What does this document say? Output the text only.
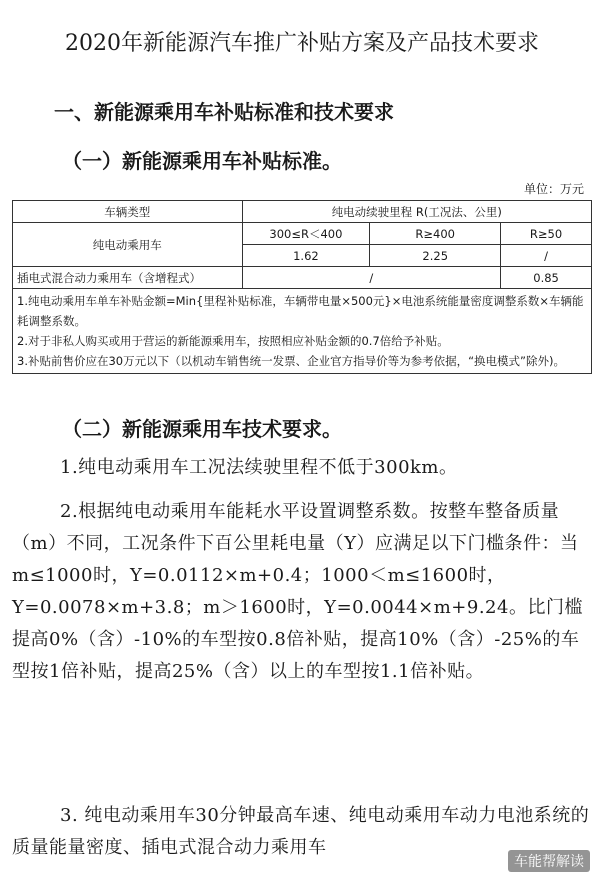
2020年新能源汽车推广补贴方案及产品技术要求
一、新能源乘用车补贴标准和技术要求
（一）新能源乘用车补贴标准。
单位：万元
车辆类型	纯电动续驶里程 R(工况法、公里)		
纯电动乘用车	300≤R＜400	R≥400	R≥50
	1.62	2.25	/
插电式混合动力乘用车（含增程式）	/		0.85

1.纯电动乘用车单车补贴金额=Min{里程补贴标准，车辆带电量×500元}×电池系统能量密度调整系数×车辆能耗调整系数。
2.对于非私人购买或用于营运的新能源乘用车，按照相应补贴金额的0.7倍给予补贴。
3.补贴前售价应在30万元以下（以机动车销售统一发票、企业官方指导价等为参考依据，“换电模式”除外)。			
（二）新能源乘用车技术要求。
1.纯电动乘用车工况法续驶里程不低于300km。
2.根据纯电动乘用车能耗水平设置调整系数。按整车整备质量（m）不同，工况条件下百公里耗电量（Y）应满足以下门槛条件：当m≤1000时，Y=0.0112×m+0.4；1000＜m≤1600时，Y=0.0078×m+3.8；m＞1600时，Y=0.0044×m+9.24。比门槛提高0%（含）-10%的车型按0.8倍补贴，提高10%（含）-25%的车型按1倍补贴，提高25%（含）以上的车型按1.1倍补贴。
3. 纯电动乘用车30分钟最高车速、纯电动乘用车动力电池系统的质量能量密度、插电式混合动力乘用车
车能帮解读
